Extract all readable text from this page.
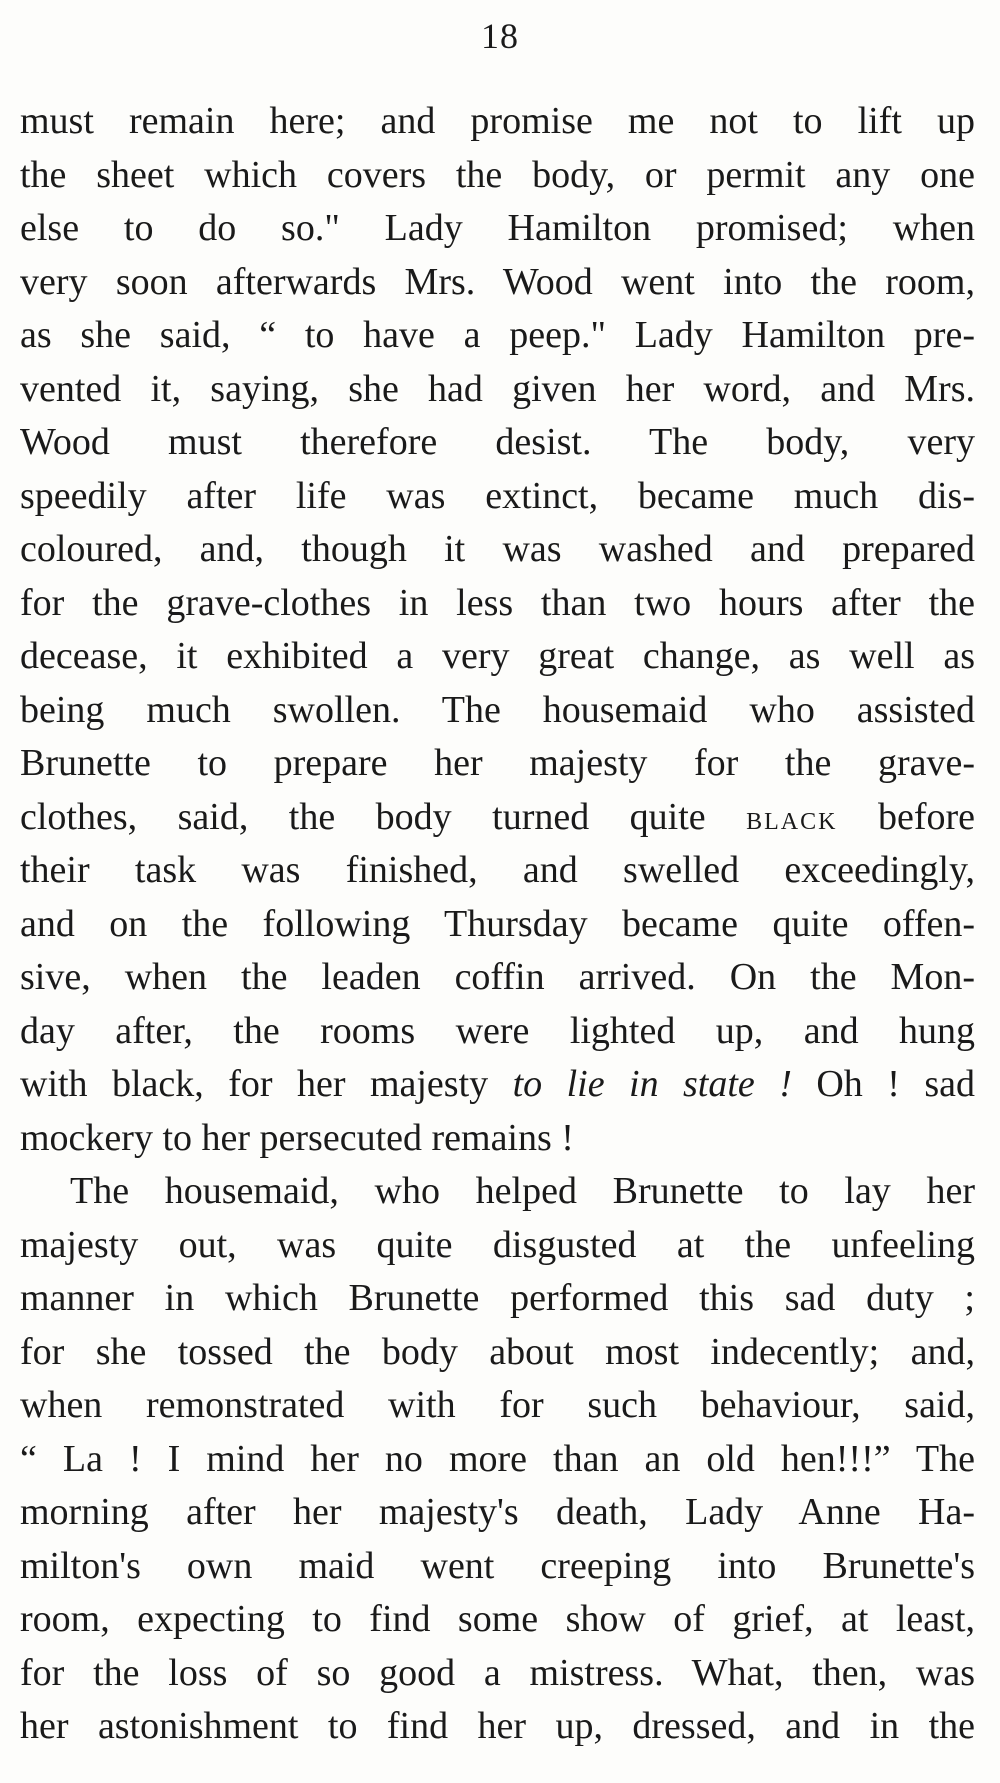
18
must remain here; and promise me not to lift up
the sheet which covers the body, or permit any one
else to do so." Lady Hamilton promised; when
very soon afterwards Mrs. Wood went into the room,
as she said, “ to have a peep." Lady Hamilton pre-
vented it, saying, she had given her word, and Mrs.
Wood must therefore desist. The body, very
speedily after life was extinct, became much dis-
coloured, and, though it was washed and prepared
for the grave-clothes in less than two hours after the
decease, it exhibited a very great change, as well as
being much swollen. The housemaid who assisted
Brunette to prepare her majesty for the grave-
clothes, said, the body turned quite black before
their task was finished, and swelled exceedingly,
and on the following Thursday became quite offen-
sive, when the leaden coffin arrived. On the Mon-
day after, the rooms were lighted up, and hung
with black, for her majesty to lie in state ! Oh ! sad
mockery to her persecuted remains !
The housemaid, who helped Brunette to lay her
majesty out, was quite disgusted at the unfeeling
manner in which Brunette performed this sad duty ;
for she tossed the body about most indecently; and,
when remonstrated with for such behaviour, said,
“ La ! I mind her no more than an old hen!!!” The
morning after her majesty's death, Lady Anne Ha-
milton's own maid went creeping into Brunette's
room, expecting to find some show of grief, at least,
for the loss of so good a mistress. What, then, was
her astonishment to find her up, dressed, and in the
